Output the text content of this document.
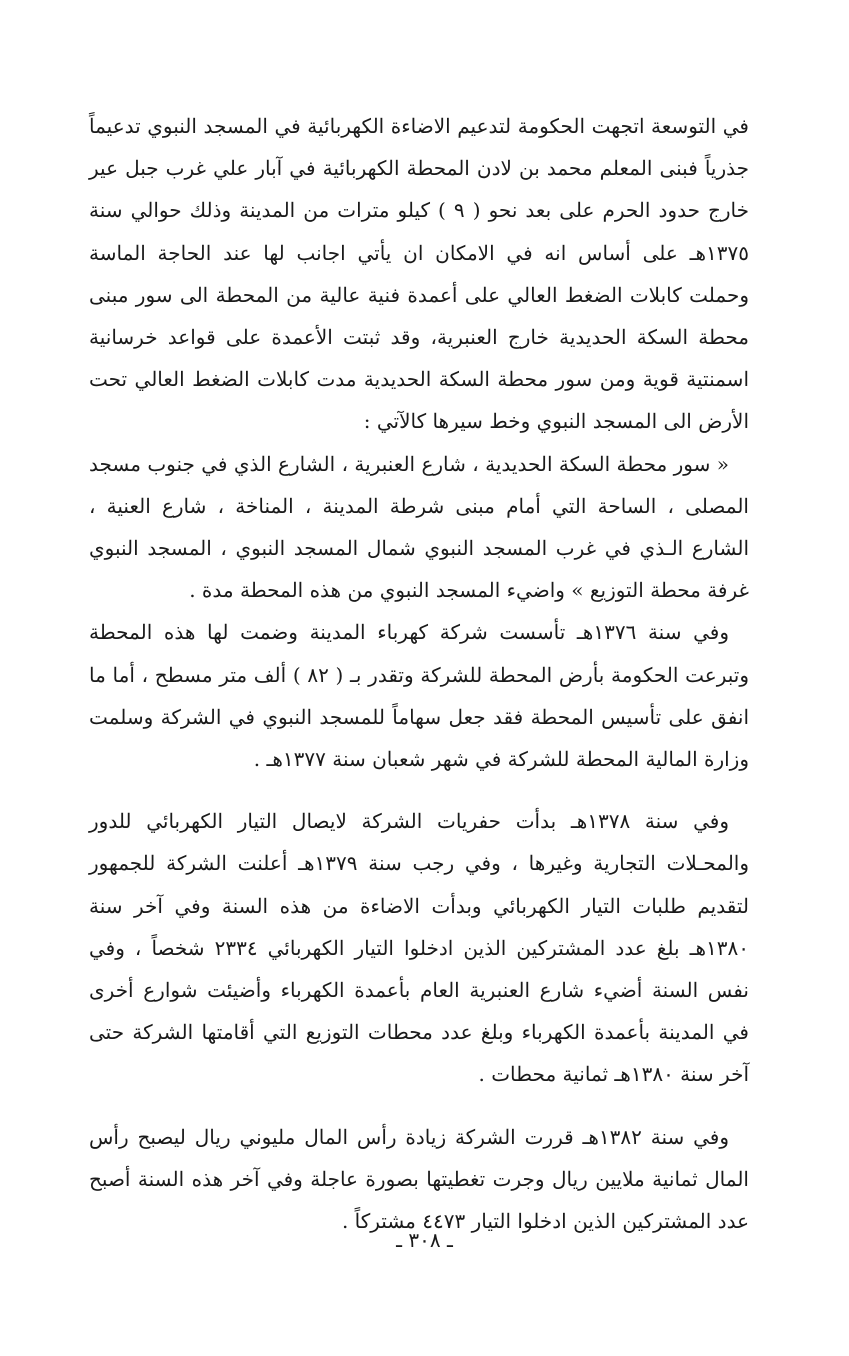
في التوسعة اتجهت الحكومة لتدعيم الاضاءة الكهربائية في المسجد النبوي تدعيماً جذرياً فبنى المعلم محمد بن لادن المحطة الكهربائية في آبار علي غرب جبل عير خارج حدود الحرم على بعد نحو ( ٩ ) كيلو مترات من المدينة وذلك حوالي سنة ١٣٧٥هـ على أساس انه في الامكان ان يأتي اجانب لها عند الحاجة الماسة وحملت كابلات الضغط العالي على أعمدة فنية عالية من المحطة الى سور مبنى محطة السكة الحديدية خارج العنبرية، وقد ثبتت الأعمدة على قواعد خرسانية اسمنتية قوية ومن سور محطة السكة الحديدية مدت كابلات الضغط العالي تحت الأرض الى المسجد النبوي وخط سيرها كالآتي :

« سور محطة السكة الحديدية ، شارع العنبرية ، الشارع الذي في جنوب مسجد المصلى ، الساحة التي أمام مبنى شرطة المدينة ، المناخة ، شارع العنية ، الشارع الـذي في غرب المسجد النبوي شمال المسجد النبوي ، المسجد النبوي غرفة محطة التوزيع » واضيء المسجد النبوي من هذه المحطة مدة .

وفي سنة ١٣٧٦هـ تأسست شركة كهرباء المدينة وضمت لها هذه المحطة وتبرعت الحكومة بأرض المحطة للشركة وتقدر بـ ( ٨٢ ) ألف متر مسطح ، أما ما انفق على تأسيس المحطة فقد جعل سهاماً للمسجد النبوي في الشركة وسلمت وزارة المالية المحطة للشركة في شهر شعبان سنة ١٣٧٧هـ .

وفي سنة ١٣٧٨هـ بدأت حفريات الشركة لايصال التيار الكهربائي للدور والمحـلات التجارية وغيرها ، وفي رجب سنة ١٣٧٩هـ أعلنت الشركة للجمهور لتقديم طلبات التيار الكهربائي وبدأت الاضاءة من هذه السنة وفي آخر سنة ١٣٨٠هـ بلغ عدد المشتركين الذين ادخلوا التيار الكهربائي ٢٣٣٤ شخصاً ، وفي نفس السنة أضيء شارع العنبرية العام بأعمدة الكهرباء وأضيئت شوارع أخرى في المدينة بأعمدة الكهرباء وبلغ عدد محطات التوزيع التي أقامتها الشركة حتى آخر سنة ١٣٨٠هـ ثمانية محطات .

وفي سنة ١٣٨٢هـ قررت الشركة زيادة رأس المال مليوني ريال ليصبح رأس المال ثمانية ملايين ريال وجرت تغطيتها بصورة عاجلة وفي آخر هذه السنة أصبح عدد المشتركين الذين ادخلوا التيار ٤٤٧٣ مشتركاً .

ـ ٣٠٨ ـ
